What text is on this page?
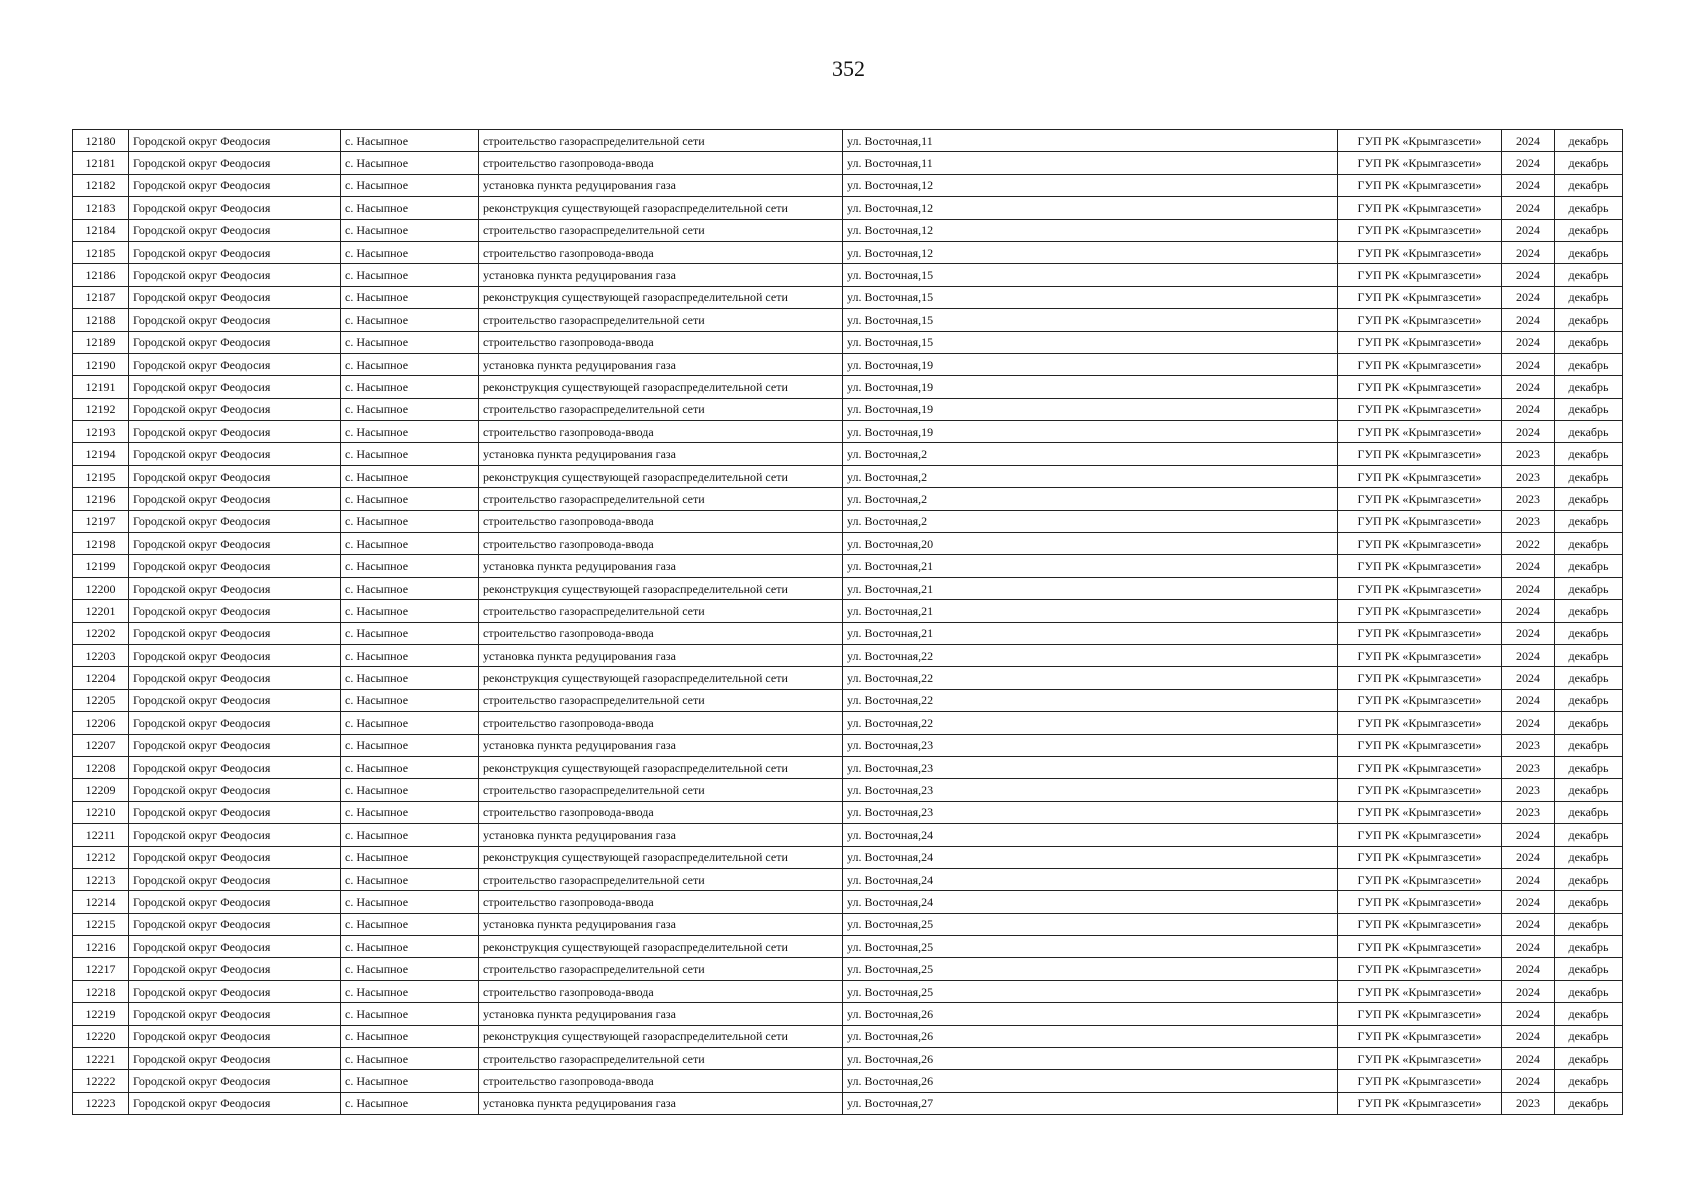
352
12180	Городской округ Феодосия	с. Насыпное	строительство газораспределительной сети	ул. Восточная,11	ГУП РК «Крымгазсети»	2024	декабрь
12181	Городской округ Феодосия	с. Насыпное	строительство газопровода-ввода	ул. Восточная,11	ГУП РК «Крымгазсети»	2024	декабрь
12182	Городской округ Феодосия	с. Насыпное	установка пункта редуцирования газа	ул. Восточная,12	ГУП РК «Крымгазсети»	2024	декабрь
12183	Городской округ Феодосия	с. Насыпное	реконструкция существующей газораспределительной сети	ул. Восточная,12	ГУП РК «Крымгазсети»	2024	декабрь
12184	Городской округ Феодосия	с. Насыпное	строительство газораспределительной сети	ул. Восточная,12	ГУП РК «Крымгазсети»	2024	декабрь
12185	Городской округ Феодосия	с. Насыпное	строительство газопровода-ввода	ул. Восточная,12	ГУП РК «Крымгазсети»	2024	декабрь
12186	Городской округ Феодосия	с. Насыпное	установка пункта редуцирования газа	ул. Восточная,15	ГУП РК «Крымгазсети»	2024	декабрь
12187	Городской округ Феодосия	с. Насыпное	реконструкция существующей газораспределительной сети	ул. Восточная,15	ГУП РК «Крымгазсети»	2024	декабрь
12188	Городской округ Феодосия	с. Насыпное	строительство газораспределительной сети	ул. Восточная,15	ГУП РК «Крымгазсети»	2024	декабрь
12189	Городской округ Феодосия	с. Насыпное	строительство газопровода-ввода	ул. Восточная,15	ГУП РК «Крымгазсети»	2024	декабрь
12190	Городской округ Феодосия	с. Насыпное	установка пункта редуцирования газа	ул. Восточная,19	ГУП РК «Крымгазсети»	2024	декабрь
12191	Городской округ Феодосия	с. Насыпное	реконструкция существующей газораспределительной сети	ул. Восточная,19	ГУП РК «Крымгазсети»	2024	декабрь
12192	Городской округ Феодосия	с. Насыпное	строительство газораспределительной сети	ул. Восточная,19	ГУП РК «Крымгазсети»	2024	декабрь
12193	Городской округ Феодосия	с. Насыпное	строительство газопровода-ввода	ул. Восточная,19	ГУП РК «Крымгазсети»	2024	декабрь
12194	Городской округ Феодосия	с. Насыпное	установка пункта редуцирования газа	ул. Восточная,2	ГУП РК «Крымгазсети»	2023	декабрь
12195	Городской округ Феодосия	с. Насыпное	реконструкция существующей газораспределительной сети	ул. Восточная,2	ГУП РК «Крымгазсети»	2023	декабрь
12196	Городской округ Феодосия	с. Насыпное	строительство газораспределительной сети	ул. Восточная,2	ГУП РК «Крымгазсети»	2023	декабрь
12197	Городской округ Феодосия	с. Насыпное	строительство газопровода-ввода	ул. Восточная,2	ГУП РК «Крымгазсети»	2023	декабрь
12198	Городской округ Феодосия	с. Насыпное	строительство газопровода-ввода	ул. Восточная,20	ГУП РК «Крымгазсети»	2022	декабрь
12199	Городской округ Феодосия	с. Насыпное	установка пункта редуцирования газа	ул. Восточная,21	ГУП РК «Крымгазсети»	2024	декабрь
12200	Городской округ Феодосия	с. Насыпное	реконструкция существующей газораспределительной сети	ул. Восточная,21	ГУП РК «Крымгазсети»	2024	декабрь
12201	Городской округ Феодосия	с. Насыпное	строительство газораспределительной сети	ул. Восточная,21	ГУП РК «Крымгазсети»	2024	декабрь
12202	Городской округ Феодосия	с. Насыпное	строительство газопровода-ввода	ул. Восточная,21	ГУП РК «Крымгазсети»	2024	декабрь
12203	Городской округ Феодосия	с. Насыпное	установка пункта редуцирования газа	ул. Восточная,22	ГУП РК «Крымгазсети»	2024	декабрь
12204	Городской округ Феодосия	с. Насыпное	реконструкция существующей газораспределительной сети	ул. Восточная,22	ГУП РК «Крымгазсети»	2024	декабрь
12205	Городской округ Феодосия	с. Насыпное	строительство газораспределительной сети	ул. Восточная,22	ГУП РК «Крымгазсети»	2024	декабрь
12206	Городской округ Феодосия	с. Насыпное	строительство газопровода-ввода	ул. Восточная,22	ГУП РК «Крымгазсети»	2024	декабрь
12207	Городской округ Феодосия	с. Насыпное	установка пункта редуцирования газа	ул. Восточная,23	ГУП РК «Крымгазсети»	2023	декабрь
12208	Городской округ Феодосия	с. Насыпное	реконструкция существующей газораспределительной сети	ул. Восточная,23	ГУП РК «Крымгазсети»	2023	декабрь
12209	Городской округ Феодосия	с. Насыпное	строительство газораспределительной сети	ул. Восточная,23	ГУП РК «Крымгазсети»	2023	декабрь
12210	Городской округ Феодосия	с. Насыпное	строительство газопровода-ввода	ул. Восточная,23	ГУП РК «Крымгазсети»	2023	декабрь
12211	Городской округ Феодосия	с. Насыпное	установка пункта редуцирования газа	ул. Восточная,24	ГУП РК «Крымгазсети»	2024	декабрь
12212	Городской округ Феодосия	с. Насыпное	реконструкция существующей газораспределительной сети	ул. Восточная,24	ГУП РК «Крымгазсети»	2024	декабрь
12213	Городской округ Феодосия	с. Насыпное	строительство газораспределительной сети	ул. Восточная,24	ГУП РК «Крымгазсети»	2024	декабрь
12214	Городской округ Феодосия	с. Насыпное	строительство газопровода-ввода	ул. Восточная,24	ГУП РК «Крымгазсети»	2024	декабрь
12215	Городской округ Феодосия	с. Насыпное	установка пункта редуцирования газа	ул. Восточная,25	ГУП РК «Крымгазсети»	2024	декабрь
12216	Городской округ Феодосия	с. Насыпное	реконструкция существующей газораспределительной сети	ул. Восточная,25	ГУП РК «Крымгазсети»	2024	декабрь
12217	Городской округ Феодосия	с. Насыпное	строительство газораспределительной сети	ул. Восточная,25	ГУП РК «Крымгазсети»	2024	декабрь
12218	Городской округ Феодосия	с. Насыпное	строительство газопровода-ввода	ул. Восточная,25	ГУП РК «Крымгазсети»	2024	декабрь
12219	Городской округ Феодосия	с. Насыпное	установка пункта редуцирования газа	ул. Восточная,26	ГУП РК «Крымгазсети»	2024	декабрь
12220	Городской округ Феодосия	с. Насыпное	реконструкция существующей газораспределительной сети	ул. Восточная,26	ГУП РК «Крымгазсети»	2024	декабрь
12221	Городской округ Феодосия	с. Насыпное	строительство газораспределительной сети	ул. Восточная,26	ГУП РК «Крымгазсети»	2024	декабрь
12222	Городской округ Феодосия	с. Насыпное	строительство газопровода-ввода	ул. Восточная,26	ГУП РК «Крымгазсети»	2024	декабрь
12223	Городской округ Феодосия	с. Насыпное	установка пункта редуцирования газа	ул. Восточная,27	ГУП РК «Крымгазсети»	2023	декабрь
